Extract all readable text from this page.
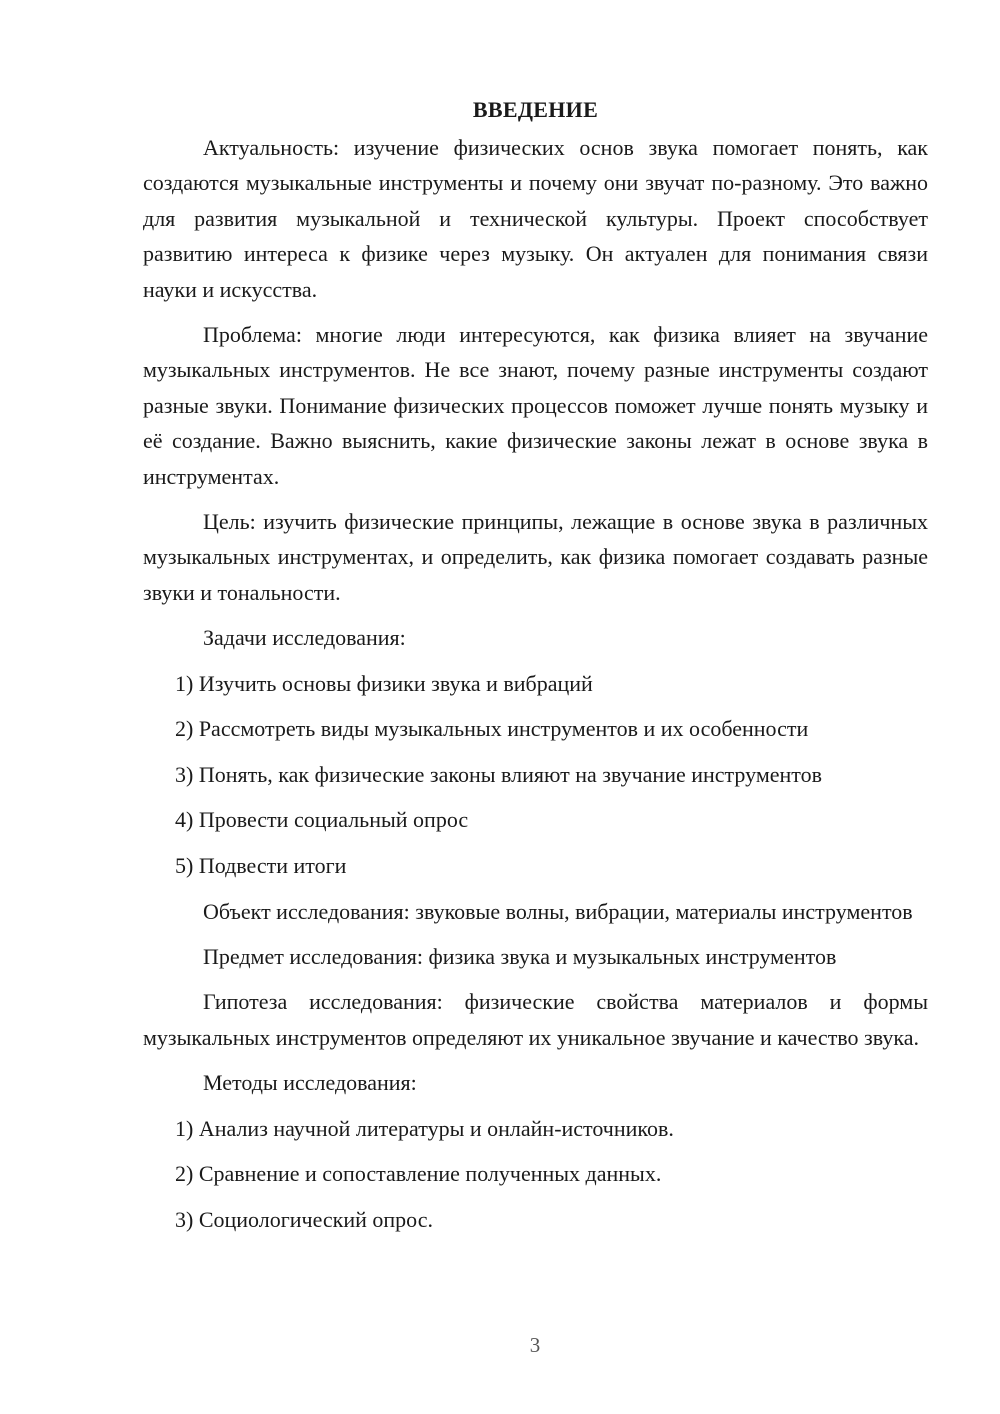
ВВЕДЕНИЕ

Актуальность: изучение физических основ звука помогает понять, как создаются музыкальные инструменты и почему они звучат по-разному. Это важно для развития музыкальной и технической культуры. Проект способствует развитию интереса к физике через музыку. Он актуален для понимания связи науки и искусства.

Проблема: многие люди интересуются, как физика влияет на звучание музыкальных инструментов. Не все знают, почему разные инструменты создают разные звуки. Понимание физических процессов поможет лучше понять музыку и её создание. Важно выяснить, какие физические законы лежат в основе звука в инструментах.

Цель: изучить физические принципы, лежащие в основе звука в различных музыкальных инструментах, и определить, как физика помогает создавать разные звуки и тональности.

Задачи исследования:

1) Изучить основы физики звука и вибраций
2) Рассмотреть виды музыкальных инструментов и их особенности
3) Понять, как физические законы влияют на звучание инструментов
4) Провести социальный опрос
5) Подвести итоги

Объект исследования: звуковые волны, вибрации, материалы инструментов

Предмет исследования: физика звука и музыкальных инструментов

Гипотеза исследования: физические свойства материалов и формы музыкальных инструментов определяют их уникальное звучание и качество звука.

Методы исследования:

1) Анализ научной литературы и онлайн-источников.
2) Сравнение и сопоставление полученных данных.
3) Социологический опрос.
3
